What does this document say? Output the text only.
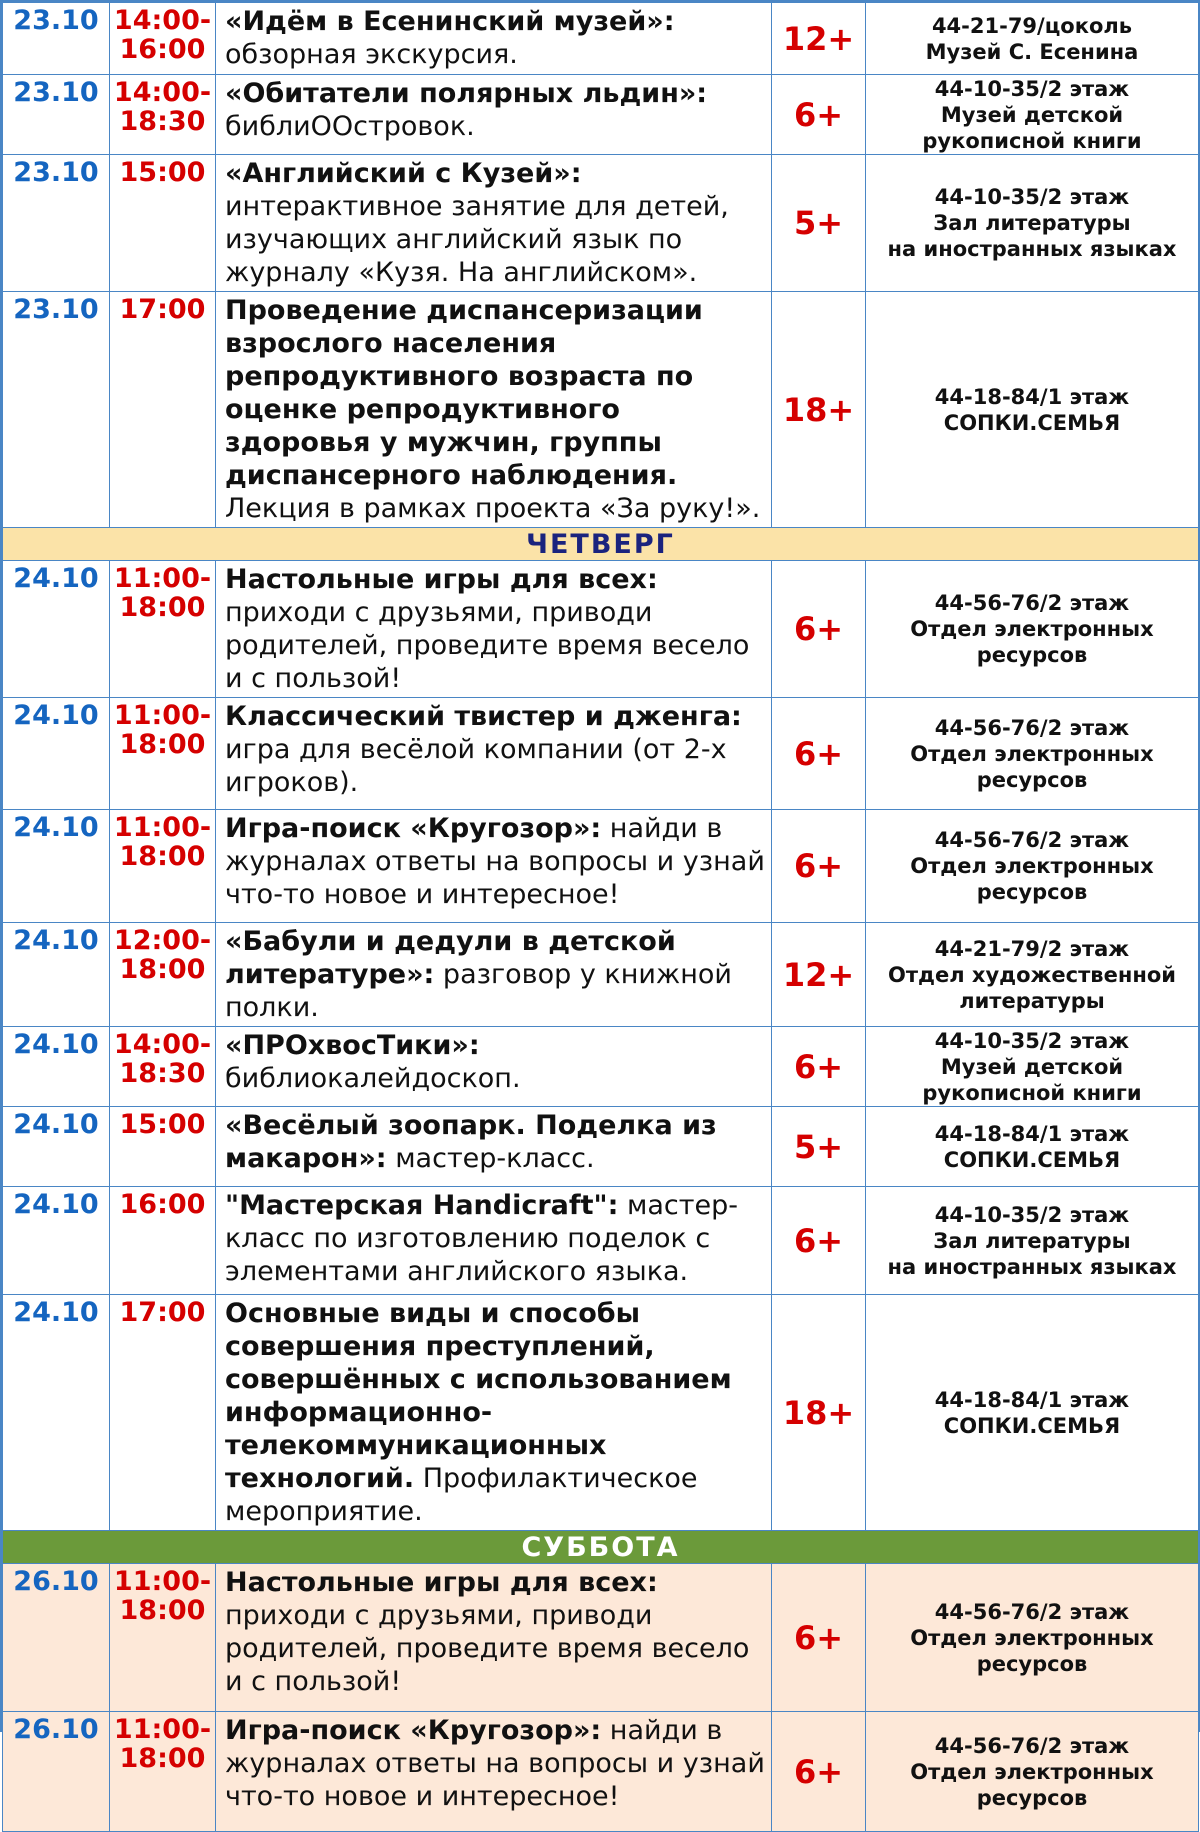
23.10	14:00-
16:00	«Идём в Есенинский музей»: обзорная экскурсия.	12+	44-21-79/цоколь
Музей С. Есенина

23.10	14:00-
18:30	«Обитатели полярных льдин»: библиООстровок.	6+	44-10-35/2 этаж
Музей детской
рукописной книги

23.10	15:00	«Английский с Кузей»: интерактивное занятие для детей, изучающих английский язык по журналу «Кузя. На английском».	5+	44-10-35/2 этаж
Зал литературы
на иностранных языках

23.10	17:00	Проведение диспансеризации взрослого населения репродуктивного возраста по оценке репродуктивного здоровья у мужчин, группы диспансерного наблюдения. Лекция в рамках проекта «За руку!».	18+	44-18-84/1 этаж
СОПКИ.СЕМЬЯ

ЧЕТВЕРГ				
24.10	11:00-
18:00	Настольные игры для всех: приходи с друзьями, приводи родителей, проведите время весело и с пользой!	6+	44-56-76/2 этаж
Отдел электронных
ресурсов

24.10	11:00-
18:00	Классический твистер и дженга: игра для весёлой компании (от 2-х игроков).	6+	44-56-76/2 этаж
Отдел электронных
ресурсов

24.10	11:00-
18:00	Игра-поиск «Кругозор»: найди в журналах ответы на вопросы и узнай что-то новое и интересное!	6+	44-56-76/2 этаж
Отдел электронных
ресурсов

24.10	12:00-
18:00	«Бабули и дедули в детской литературе»: разговор у книжной полки.	12+	44-21-79/2 этаж
Отдел художественной
литературы

24.10	14:00-
18:30	«ПРОхвосТики»: библиокалейдоскоп.	6+	44-10-35/2 этаж
Музей детской
рукописной книги

24.10	15:00	«Весёлый зоопарк. Поделка из макарон»: мастер-класс.	5+	44-18-84/1 этаж
СОПКИ.СЕМЬЯ

24.10	16:00	"Мастерская Handicraft": мастер-класс по изготовлению поделок с элементами английского языка.	6+	44-10-35/2 этаж
Зал литературы
на иностранных языках

24.10	17:00	Основные виды и способы совершения преступлений, совершённых с использованием информационно-телекоммуникационных технологий. Профилактическое мероприятие.	18+	44-18-84/1 этаж
СОПКИ.СЕМЬЯ

СУББОТА				
26.10	11:00-
18:00	Настольные игры для всех: приходи с друзьями, приводи родителей, проведите время весело и с пользой!	6+	44-56-76/2 этаж
Отдел электронных
ресурсов

26.10	11:00-
18:00	Игра-поиск «Кругозор»: найди в журналах ответы на вопросы и узнай что-то новое и интересное!	6+	44-56-76/2 этаж
Отдел электронных
ресурсов
